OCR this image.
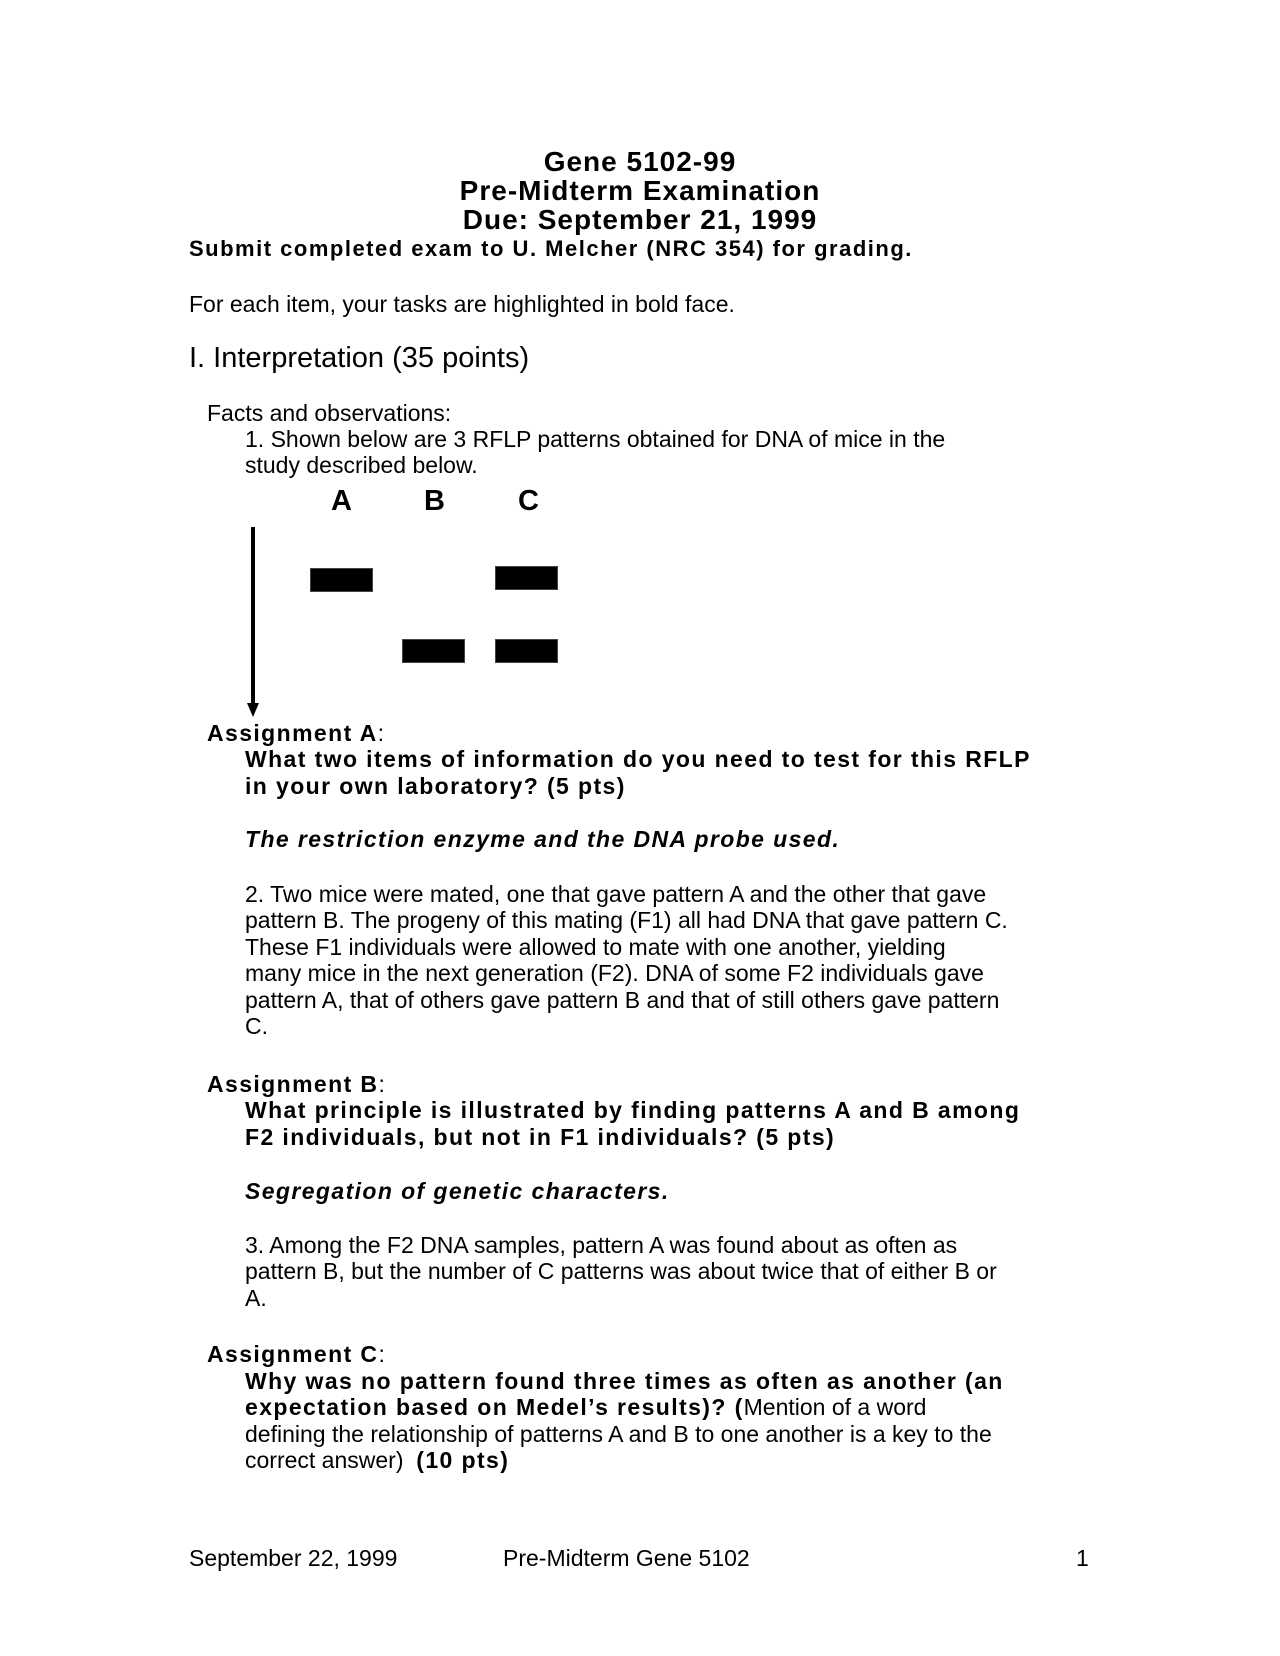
Gene 5102-99
Pre-Midterm Examination
Due: September 21, 1999

Submit completed exam to U. Melcher (NRC 354) for grading.

For each item, your tasks are highlighted in bold face.

I. Interpretation (35 points)

Facts and observations:

1. Shown below are 3 RFLP patterns obtained for DNA of mice in the

study described below.

A B	C

Assignment A:

What two items of information do you need to test for this RFLP

in your own laboratory? (5 pts)

The restriction enzyme and the DNA probe used.

2. Two mice were mated, one that gave pattern A and the other that gave

pattern B. The progeny of this mating (F1) all had DNA that gave pattern C.

These F1 individuals were allowed to mate with one another, yielding

many mice in the next generation (F2). DNA of some F2 individuals gave

pattern A, that of others gave pattern B and that of still others gave pattern

C.

Assignment B:

What principle is illustrated by finding patterns A and B among

F2 individuals, but not in F1 individuals? (5 pts)

Segregation of genetic characters.

3. Among the F2 DNA samples, pattern A was found about as often as

pattern B, but the number of C patterns was about twice that of either B or

A.

Assignment C:

Why was no pattern found three times as often as another (an

expectation based on Medel’s results)? (Mention of a word

defining the relationship of patterns A and B to one another is a key to the

correct answer)  (10 pts)

September 22, 1999	Pre-Midterm Gene 5102	1
